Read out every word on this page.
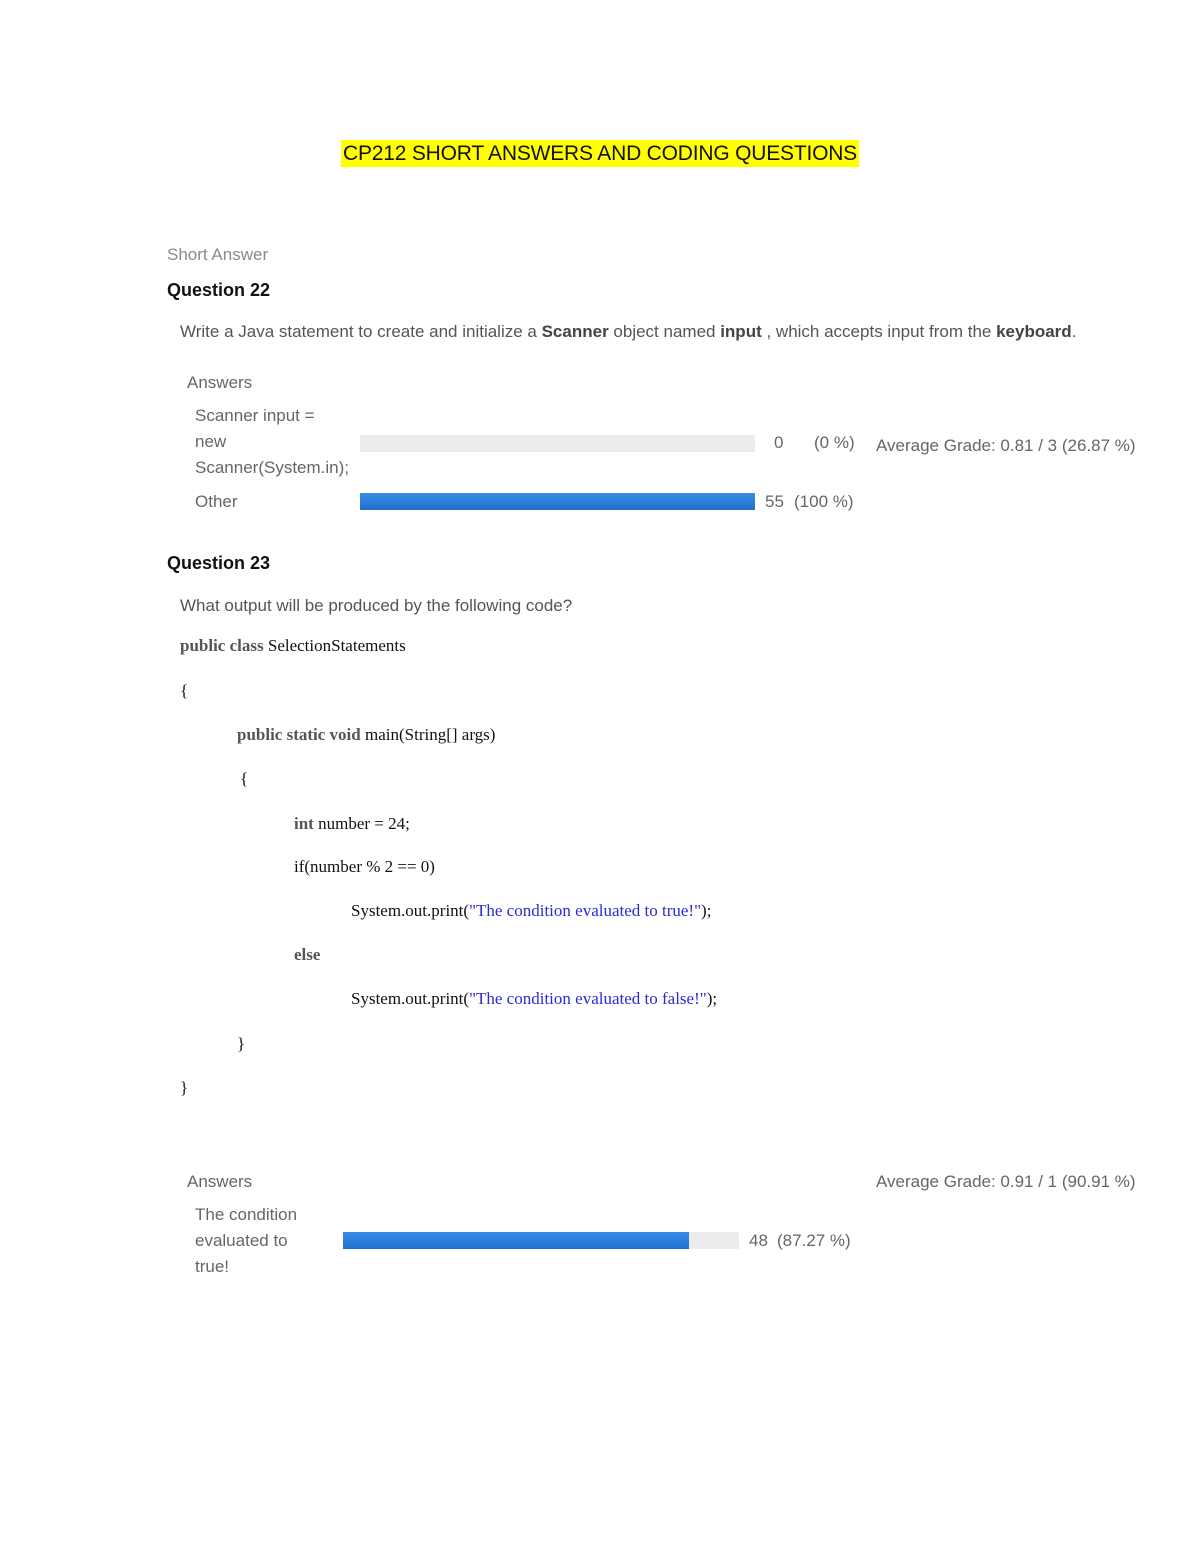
CP212 SHORT ANSWERS AND CODING QUESTIONS
Short Answer
Question 22
Write a Java statement to create and initialize a Scanner object named input , which accepts input from the keyboard.
Answers
Scanner input =
new
Scanner(System.in);
0 (0 %) Average Grade: 0.81 / 3 (26.87 %)
Other	55 (100 %)
Question 23
What output will be produced by the following code?
public class SelectionStatements
{
public static void main(String[] args)
{
int number = 24;
if(number % 2 == 0)
System.out.print("The condition evaluated to true!");
else
System.out.print("The condition evaluated to false!");
}
}
Answers	Average Grade: 0.91 / 1 (90.91 %)
The condition
evaluated to
true!
48 (87.27 %)
